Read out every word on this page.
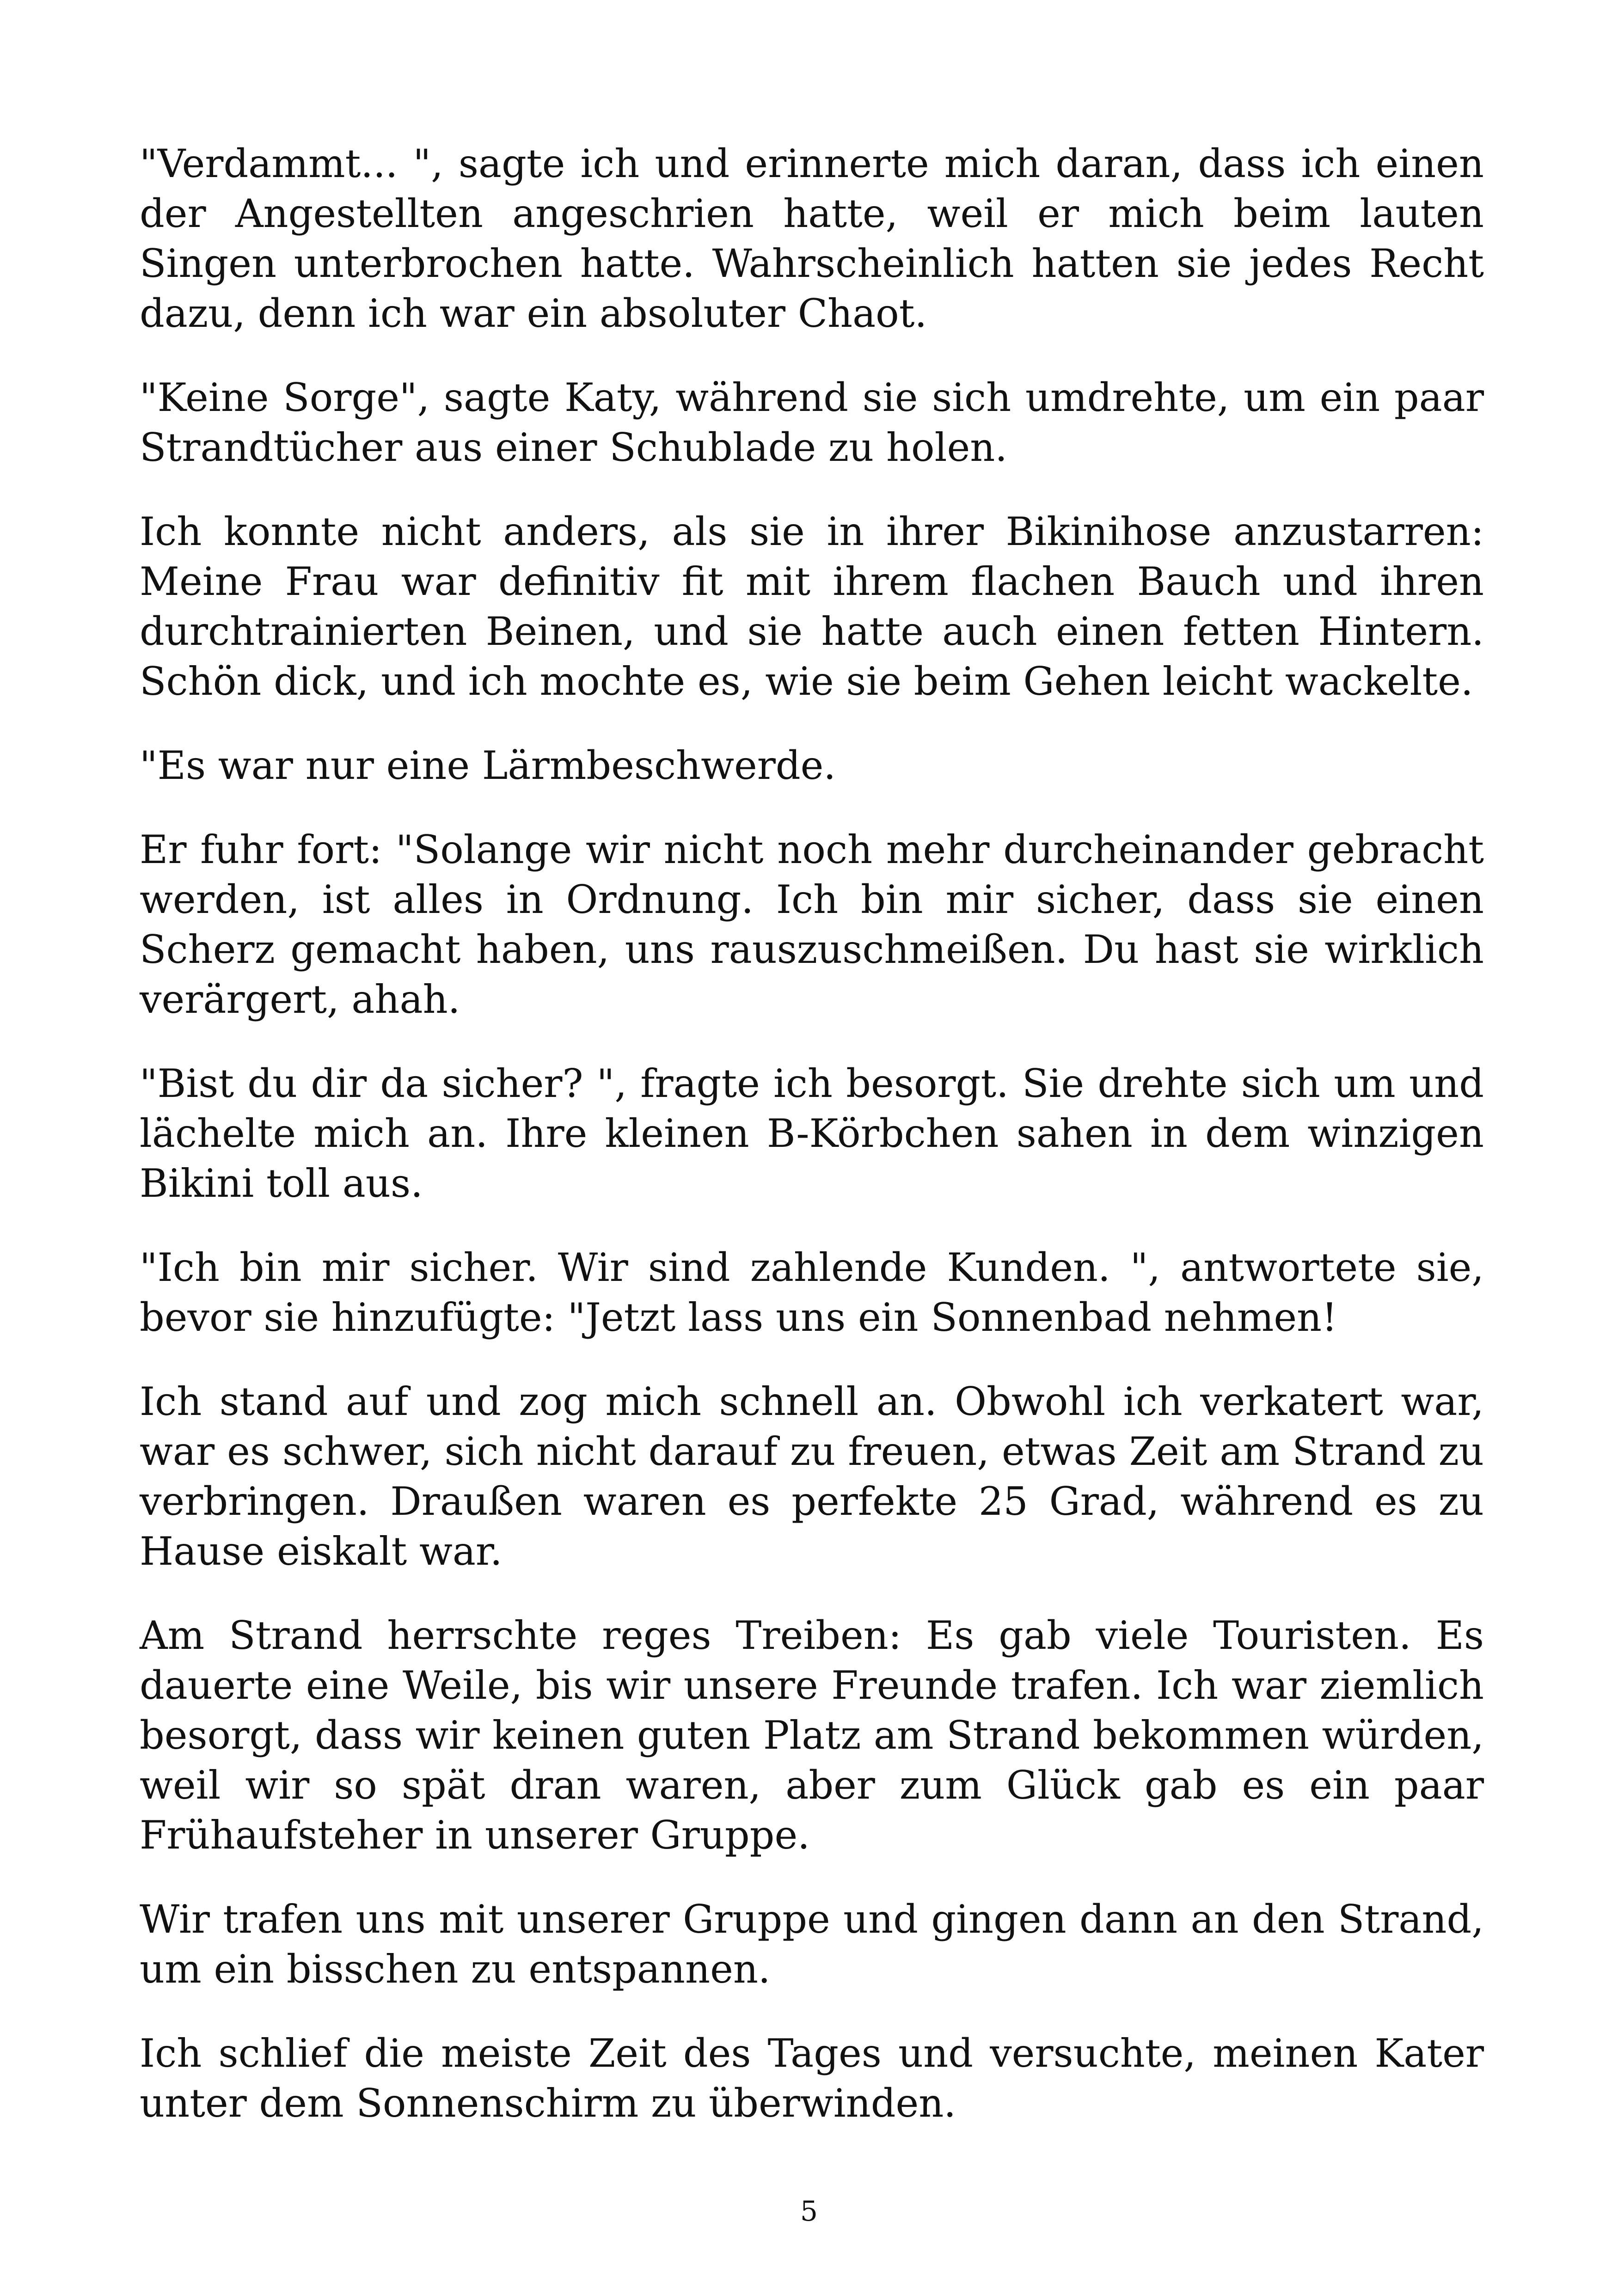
"Verdammt... ", sagte ich und erinnerte mich daran, dass ich einen der Angestellten angeschrien hatte, weil er mich beim lauten Singen unterbrochen hatte. Wahrscheinlich hatten sie jedes Recht dazu, denn ich war ein absoluter Chaot.

"Keine Sorge", sagte Katy, während sie sich umdrehte, um ein paar Strandtücher aus einer Schublade zu holen.

Ich konnte nicht anders, als sie in ihrer Bikinihose anzustarren: Meine Frau war definitiv fit mit ihrem flachen Bauch und ihren durchtrainierten Beinen, und sie hatte auch einen fetten Hintern. Schön dick, und ich mochte es, wie sie beim Gehen leicht wackelte.

"Es war nur eine Lärmbeschwerde.

Er fuhr fort: "Solange wir nicht noch mehr durcheinander gebracht werden, ist alles in Ordnung. Ich bin mir sicher, dass sie einen Scherz gemacht haben, uns rauszuschmeißen. Du hast sie wirklich verärgert, ahah.

"Bist du dir da sicher? ", fragte ich besorgt. Sie drehte sich um und lächelte mich an. Ihre kleinen B-Körbchen sahen in dem winzigen Bikini toll aus.

"Ich bin mir sicher. Wir sind zahlende Kunden. ", antwortete sie, bevor sie hinzufügte: "Jetzt lass uns ein Sonnenbad nehmen!

Ich stand auf und zog mich schnell an. Obwohl ich verkatert war, war es schwer, sich nicht darauf zu freuen, etwas Zeit am Strand zu verbringen. Draußen waren es perfekte 25 Grad, während es zu Hause eiskalt war.

Am Strand herrschte reges Treiben: Es gab viele Touristen. Es dauerte eine Weile, bis wir unsere Freunde trafen. Ich war ziemlich besorgt, dass wir keinen guten Platz am Strand bekommen würden, weil wir so spät dran waren, aber zum Glück gab es ein paar Frühaufsteher in unserer Gruppe.

Wir trafen uns mit unserer Gruppe und gingen dann an den Strand, um ein bisschen zu entspannen.

Ich schlief die meiste Zeit des Tages und versuchte, meinen Kater unter dem Sonnenschirm zu überwinden.

5
